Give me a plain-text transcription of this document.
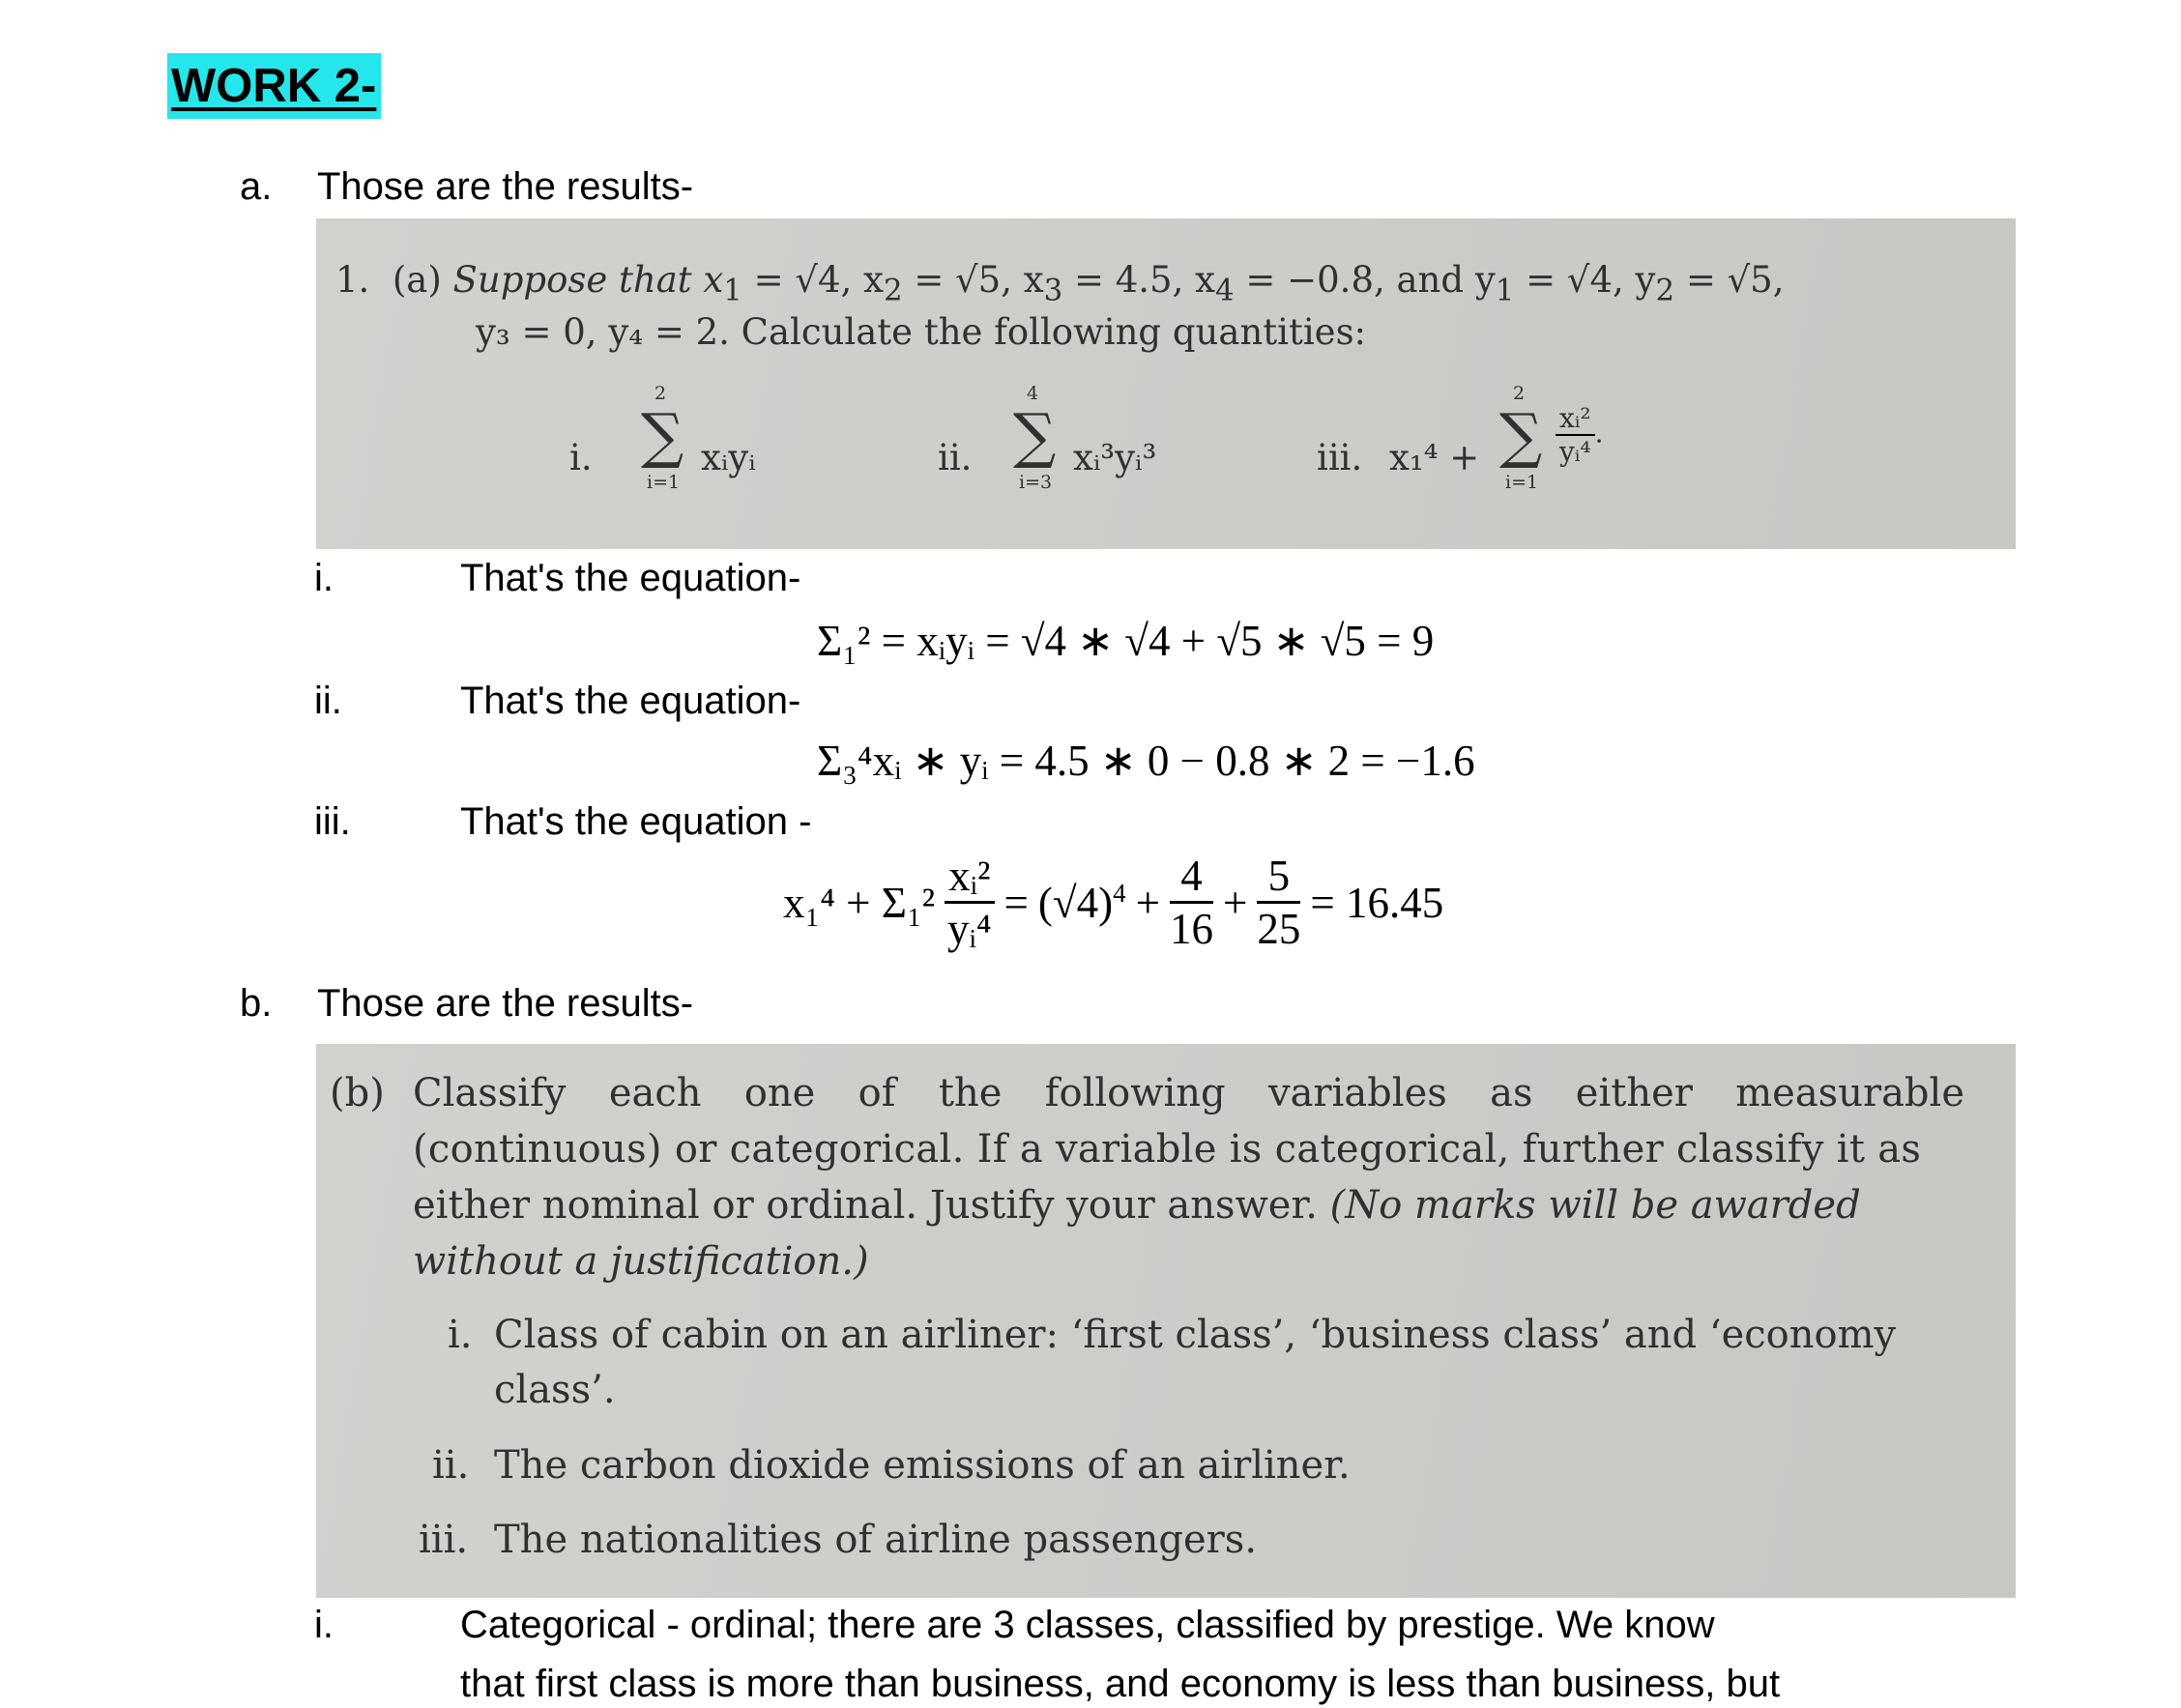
WORK 2-
a. Those are the results-
1. (a) Suppose that $x_1 = √4$, $x_2 = √5$, $x_3 = 4.5$, $x_4 = -0.8$, and $y_1 = √4$, $y_2 = √5$,
y₃ = 0, y₄ = 2. Calculate the following quantities:
i.
2
∑
i=1
xᵢyᵢ	ii.
4
∑
i=3
xᵢ³yᵢ³	iii. x₁⁴ +
2
∑
i=1
$\frac{\text{xᵢ²}}{\text{yᵢ⁴}}$ .
i.	That's the equation-
Σ₁² = xᵢyᵢ = √4 ∗ √4 + √5 ∗ √5 = 9
ii.	That's the equation-
Σ₃⁴xᵢ ∗ yᵢ = 4.5 ∗ 0 − 0.8 ∗ 2 = −1.6
iii.	That's the equation -
$x_1^4 + \Sigma_1^2 \frac{\text{xᵢ²}}{\text{yᵢ⁴}} = (√4)^4 + \frac{4}{16} + \frac{5}{25} = 16.45$
b. Those are the results-
(b) Classify each one of the following variables as either measurable
(continuous) or categorical. If a variable is categorical, further classify it as
either nominal or ordinal. Justify your answer. (No marks will be awarded
without a justification.)
i. Class of cabin on an airliner: ‘first class’, ‘business class’ and ‘economy
class’.
ii. The carbon dioxide emissions of an airliner.
iii. The nationalities of airline passengers.
i.	Categorical - ordinal; there are 3 classes, classified by prestige. We know
that first class is more than business, and economy is less than business, but
